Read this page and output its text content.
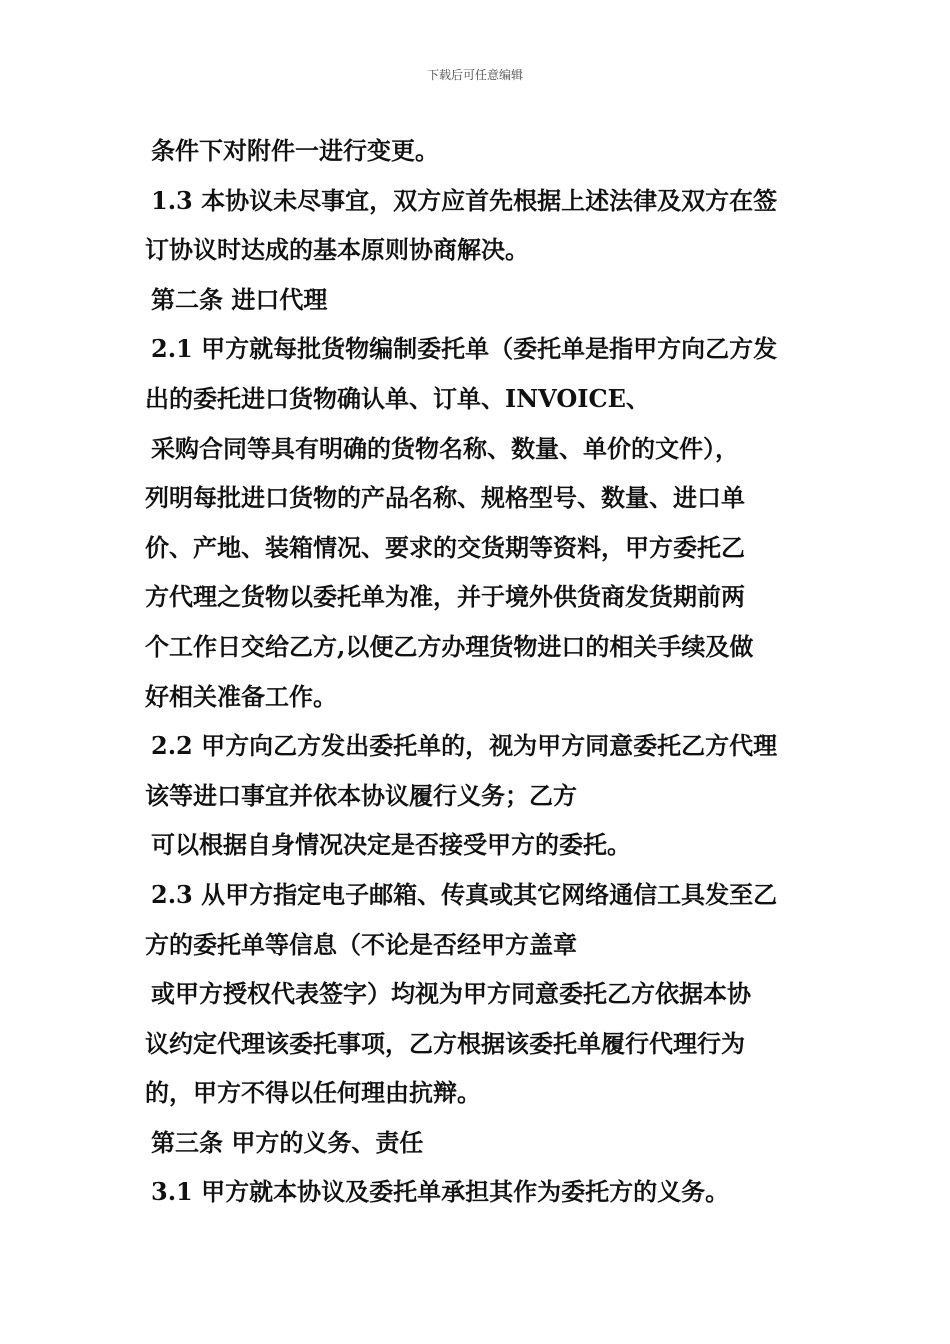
下载后可任意编辑
条件下对附件一进行变更。
1.3 本协议未尽事宜，双方应首先根据上述法律及双方在签
订协议时达成的基本原则协商解决。
第二条 进口代理
2.1 甲方就每批货物编制委托单（委托单是指甲方向乙方发
出的委托进口货物确认单、订单、INVOICE、
采购合同等具有明确的货物名称、数量、单价的文件），
列明每批进口货物的产品名称、规格型号、数量、进口单
价、产地、装箱情况、要求的交货期等资料，甲方委托乙
方代理之货物以委托单为准，并于境外供货商发货期前两
个工作日交给乙方,以便乙方办理货物进口的相关手续及做
好相关准备工作。
2.2 甲方向乙方发出委托单的，视为甲方同意委托乙方代理
该等进口事宜并依本协议履行义务；乙方
可以根据自身情况决定是否接受甲方的委托。
2.3 从甲方指定电子邮箱、传真或其它网络通信工具发至乙
方的委托单等信息（不论是否经甲方盖章
或甲方授权代表签字）均视为甲方同意委托乙方依据本协
议约定代理该委托事项，乙方根据该委托单履行代理行为
的，甲方不得以任何理由抗辩。
第三条 甲方的义务、责任
3.1 甲方就本协议及委托单承担其作为委托方的义务。
